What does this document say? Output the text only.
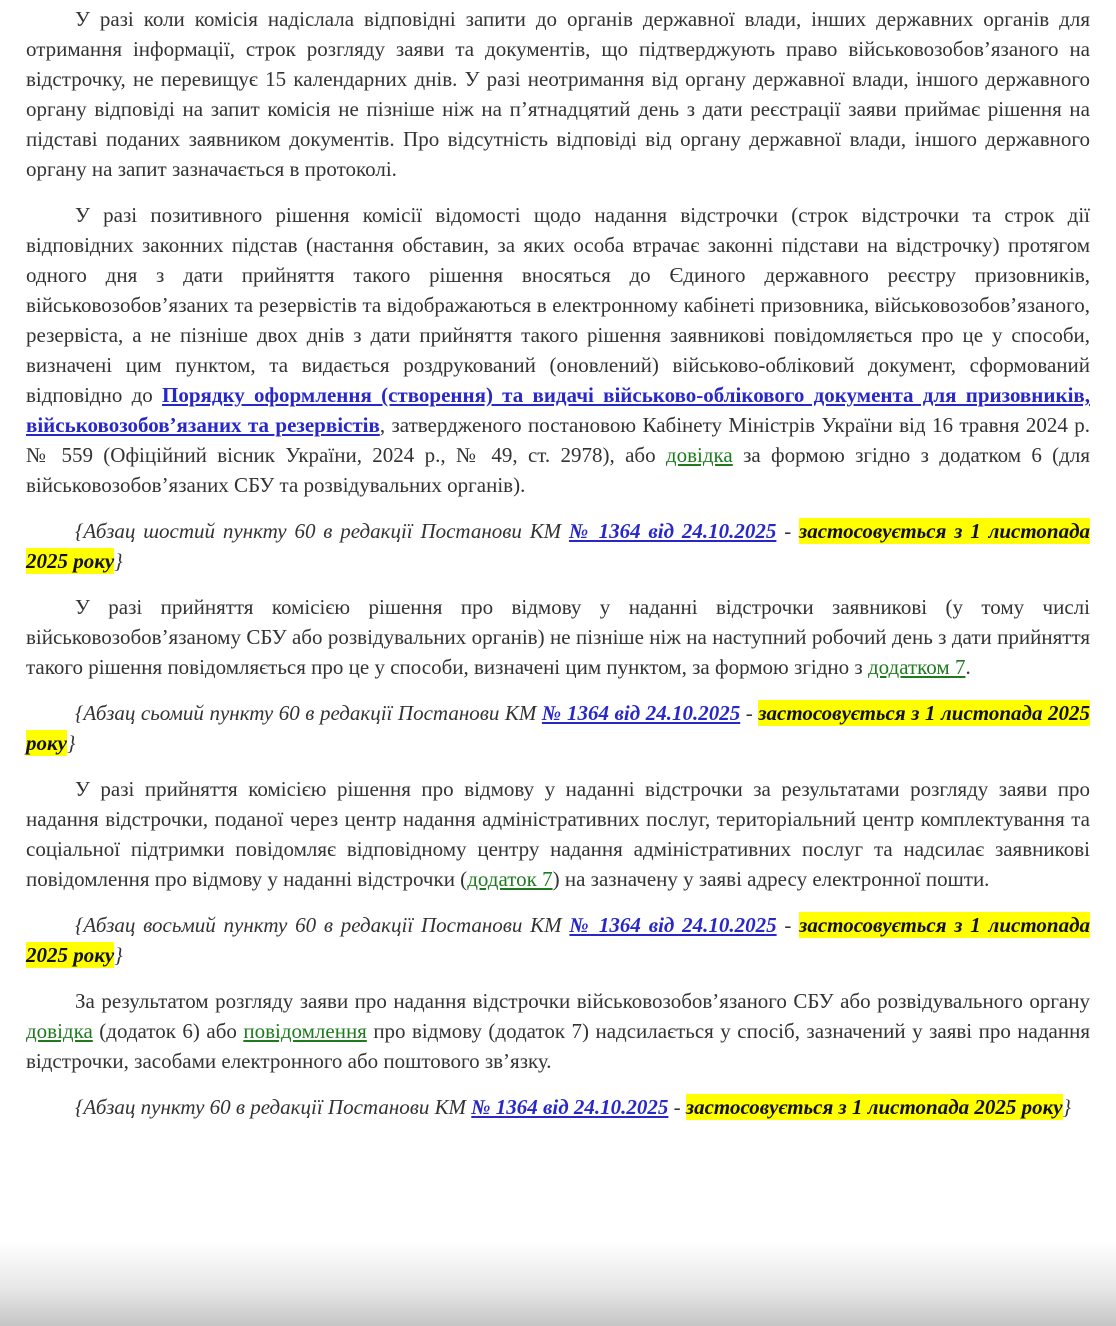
У разі коли комісія надіслала відповідні запити до органів державної влади, інших державних органів для отримання інформації, строк розгляду заяви та документів, що підтверджують право військовозобов’язаного на відстрочку, не перевищує 15 календарних днів. У разі неотримання від органу державної влади, іншого державного органу відповіді на запит комісія не пізніше ніж на п’ятнадцятий день з дати реєстрації заяви приймає рішення на підставі поданих заявником документів. Про відсутність відповіді від органу державної влади, іншого державного органу на запит зазначається в протоколі.

У разі позитивного рішення комісії відомості щодо надання відстрочки (строк відстрочки та строк дії відповідних законних підстав (настання обставин, за яких особа втрачає законні підстави на відстрочку) протягом одного дня з дати прийняття такого рішення вносяться до Єдиного державного реєстру призовників, військовозобов’язаних та резервістів та відображаються в електронному кабінеті призовника, військовозобов’язаного, резервіста, а не пізніше двох днів з дати прийняття такого рішення заявникові повідомляється про це у способи, визначені цим пунктом, та видається роздрукований (оновлений) військово-обліковий документ, сформований відповідно до Порядку оформлення (створення) та видачі військово-облікового документа для призовників, військовозобов’язаних та резервістів, затвердженого постановою Кабінету Міністрів України від 16 травня 2024 р. № 559 (Офіційний вісник України, 2024 р., № 49, ст. 2978), або довідка за формою згідно з додатком 6 (для військовозобов’язаних СБУ та розвідувальних органів).

{Абзац шостий пункту 60 в редакції Постанови КМ № 1364 від 24.10.2025 - застосовується з 1 листопада 2025 року}

У разі прийняття комісією рішення про відмову у наданні відстрочки заявникові (у тому числі військовозобов’язаному СБУ або розвідувальних органів) не пізніше ніж на наступний робочий день з дати прийняття такого рішення повідомляється про це у способи, визначені цим пунктом, за формою згідно з додатком 7.

{Абзац сьомий пункту 60 в редакції Постанови КМ № 1364 від 24.10.2025 - застосовується з 1 листопада 2025 року}

У разі прийняття комісією рішення про відмову у наданні відстрочки за результатами розгляду заяви про надання відстрочки, поданої через центр надання адміністративних послуг, територіальний центр комплектування та соціальної підтримки повідомляє відповідному центру надання адміністративних послуг та надсилає заявникові повідомлення про відмову у наданні відстрочки (додаток 7) на зазначену у заяві адресу електронної пошти.

{Абзац восьмий пункту 60 в редакції Постанови КМ № 1364 від 24.10.2025 - застосовується з 1 листопада 2025 року}

За результатом розгляду заяви про надання відстрочки військовозобов’язаного СБУ або розвідувального органу довідка (додаток 6) або повідомлення про відмову (додаток 7) надсилається у спосіб, зазначений у заяві про надання відстрочки, засобами електронного або поштового зв’язку.

{Абзац пункту 60 в редакції Постанови КМ № 1364 від 24.10.2025 - застосовується з 1 листопада 2025 року}
